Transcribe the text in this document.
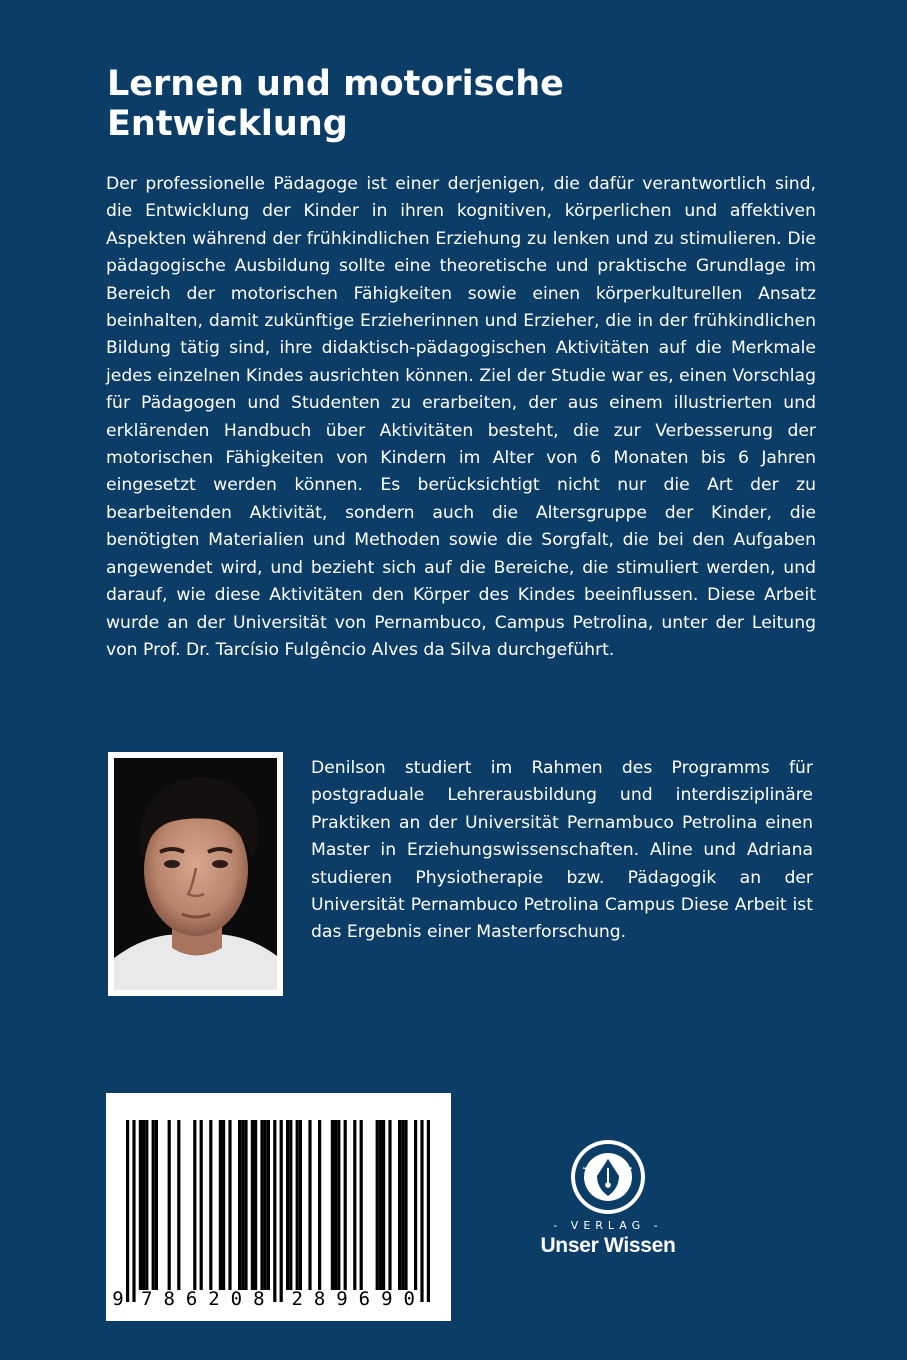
Lernen und motorische Entwicklung

Der professionelle Pädagoge ist einer derjenigen, die dafür verantwortlich sind, die Entwicklung der Kinder in ihren kognitiven, körperlichen und affektiven Aspekten während der frühkindlichen Erziehung zu lenken und zu stimulieren. Die pädagogische Ausbildung sollte eine theoretische und praktische Grundlage im Bereich der motorischen Fähigkeiten sowie einen körperkulturellen Ansatz beinhalten, damit zukünftige Erzieherinnen und Erzieher, die in der frühkindlichen Bildung tätig sind, ihre didaktisch-pädagogischen Aktivitäten auf die Merkmale jedes einzelnen Kindes ausrichten können. Ziel der Studie war es, einen Vorschlag für Pädagogen und Studenten zu erarbeiten, der aus einem illustrierten und erklärenden Handbuch über Aktivitäten besteht, die zur Verbesserung der motorischen Fähigkeiten von Kindern im Alter von 6 Monaten bis 6 Jahren eingesetzt werden können. Es berücksichtigt nicht nur die Art der zu bearbeitenden Aktivität, sondern auch die Altersgruppe der Kinder, die benötigten Materialien und Methoden sowie die Sorgfalt, die bei den Aufgaben angewendet wird, und bezieht sich auf die Bereiche, die stimuliert werden, und darauf, wie diese Aktivitäten den Körper des Kindes beeinflussen. Diese Arbeit wurde an der Universität von Pernambuco, Campus Petrolina, unter der Leitung von Prof. Dr. Tarcísio Fulgêncio Alves da Silva durchgeführt.

Denilson studiert im Rahmen des Programms für postgraduale Lehrerausbildung und interdisziplinäre Praktiken an der Universität Pernambuco Petrolina einen Master in Erziehungswissenschaften. Aline und Adriana studieren Physiotherapie bzw. Pädagogik an der Universität Pernambuco Petrolina Campus Diese Arbeit ist das Ergebnis einer Masterforschung.

9 7 8 6 2 0 8 2 8 9 6 9 0
- VERLAG -
Unser Wissen
